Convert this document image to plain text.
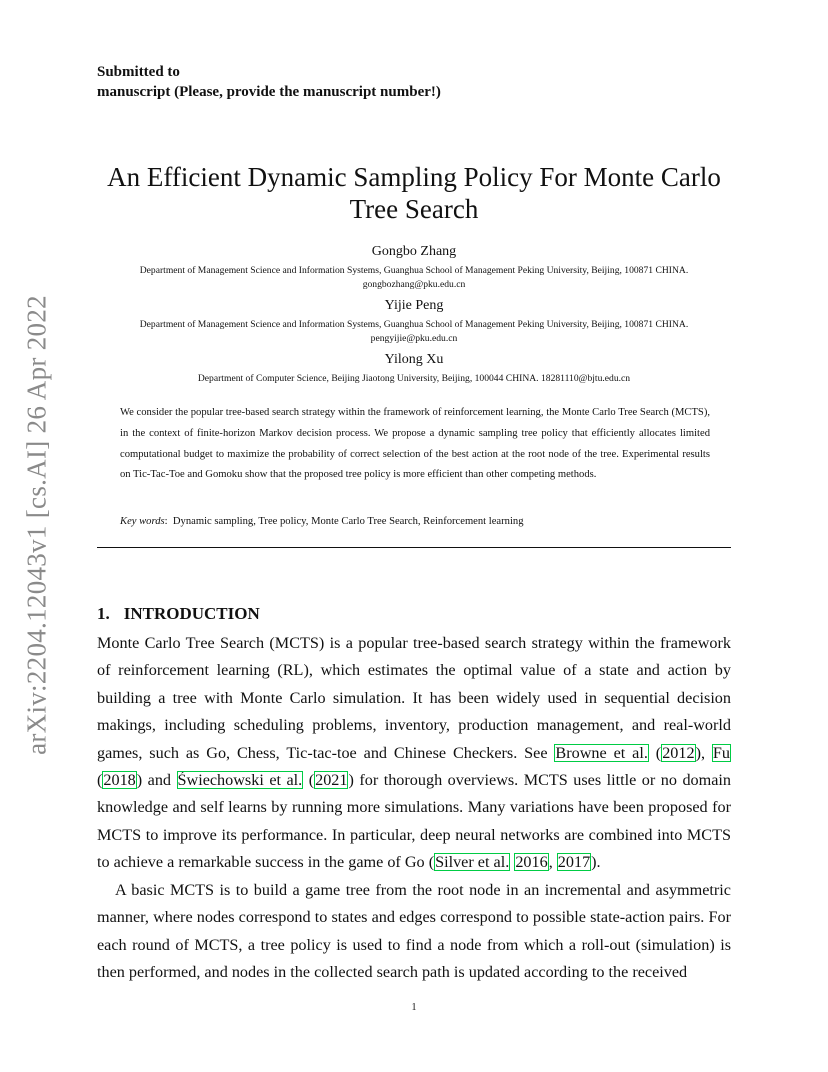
Submitted to
manuscript (Please, provide the manuscript number!)
An Efficient Dynamic Sampling Policy For Monte Carlo
Tree Search
Gongbo Zhang
Department of Management Science and Information Systems, Guanghua School of Management Peking University, Beijing, 100871 CHINA.
gongbozhang@pku.edu.cn
Yijie Peng
Department of Management Science and Information Systems, Guanghua School of Management Peking University, Beijing, 100871 CHINA.
pengyijie@pku.edu.cn
Yilong Xu
Department of Computer Science, Beijing Jiaotong University, Beijing, 100044 CHINA. 18281110@bjtu.edu.cn
We consider the popular tree-based search strategy within the framework of reinforcement learning, the Monte Carlo Tree Search (MCTS), in the context of finite-horizon Markov decision process. We propose a dynamic sampling tree policy that efficiently allocates limited computational budget to maximize the probability of correct selection of the best action at the root node of the tree. Experimental results on Tic-Tac-Toe and Gomoku show that the proposed tree policy is more efficient than other competing methods.
Key words: Dynamic sampling, Tree policy, Monte Carlo Tree Search, Reinforcement learning
1. INTRODUCTION

Monte Carlo Tree Search (MCTS) is a popular tree-based search strategy within the framework of reinforcement learning (RL), which estimates the optimal value of a state and action by building a tree with Monte Carlo simulation. It has been widely used in sequential decision makings, including scheduling problems, inventory, production management, and real-world games, such as Go, Chess, Tic-tac-toe and Chinese Checkers. See Browne et al. (2012), Fu (2018) and Świechowski et al. (2021) for thorough overviews. MCTS uses little or no domain knowledge and self learns by running more simulations. Many variations have been proposed for MCTS to improve its performance. In particular, deep neural networks are combined into MCTS to achieve a remarkable success in the game of Go (Silver et al. 2016, 2017).

A basic MCTS is to build a game tree from the root node in an incremental and asymmetric manner, where nodes correspond to states and edges correspond to possible state-action pairs. For each round of MCTS, a tree policy is used to find a node from which a roll-out (simulation) is then performed, and nodes in the collected search path is updated according to the received

1
arXiv:2204.12043v1 [cs.AI] 26 Apr 2022
